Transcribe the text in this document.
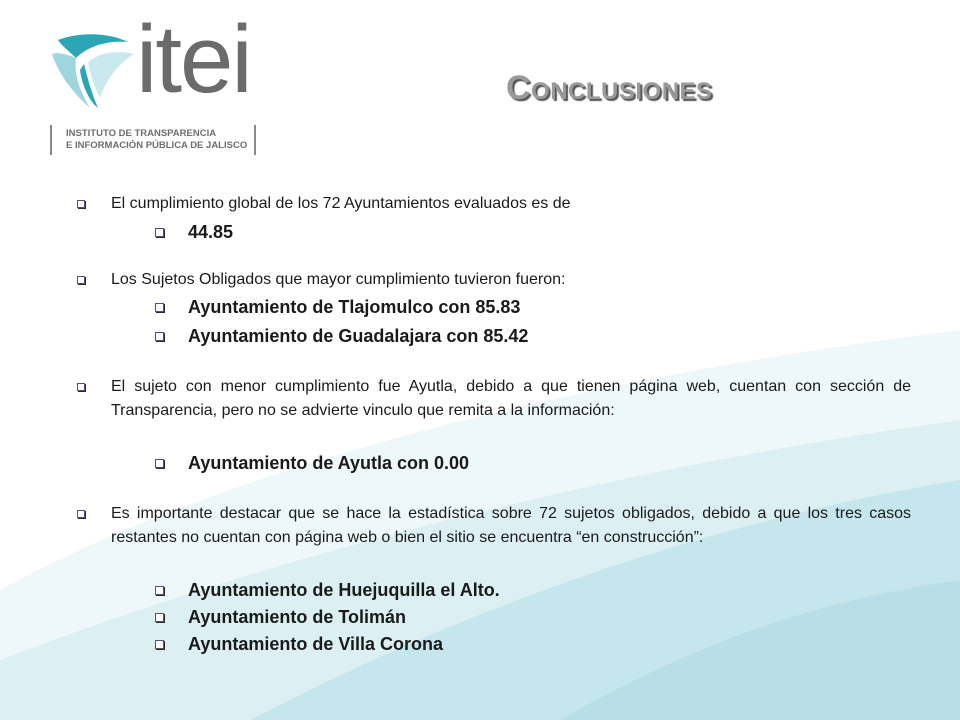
itei
INSTITUTO DE TRANSPARENCIA
E INFORMACIÓN PÚBLICA DE JALISCO
Conclusiones
El cumplimiento global de los 72 Ayuntamientos evaluados es de
44.85
Los Sujetos Obligados que mayor cumplimiento tuvieron fueron:
Ayuntamiento de Tlajomulco con 85.83
Ayuntamiento de Guadalajara con 85.42
El sujeto con menor cumplimiento fue Ayutla, debido a que tienen página web, cuentan con sección de Transparencia, pero no se advierte vinculo que remita a la información:
Ayuntamiento de Ayutla con 0.00
Es importante destacar que se hace la estadística sobre 72 sujetos obligados, debido a que los tres casos restantes no cuentan con página web o bien el sitio se encuentra “en construcción”:
Ayuntamiento de Huejuquilla el Alto.
Ayuntamiento de Tolimán
Ayuntamiento de Villa Corona
